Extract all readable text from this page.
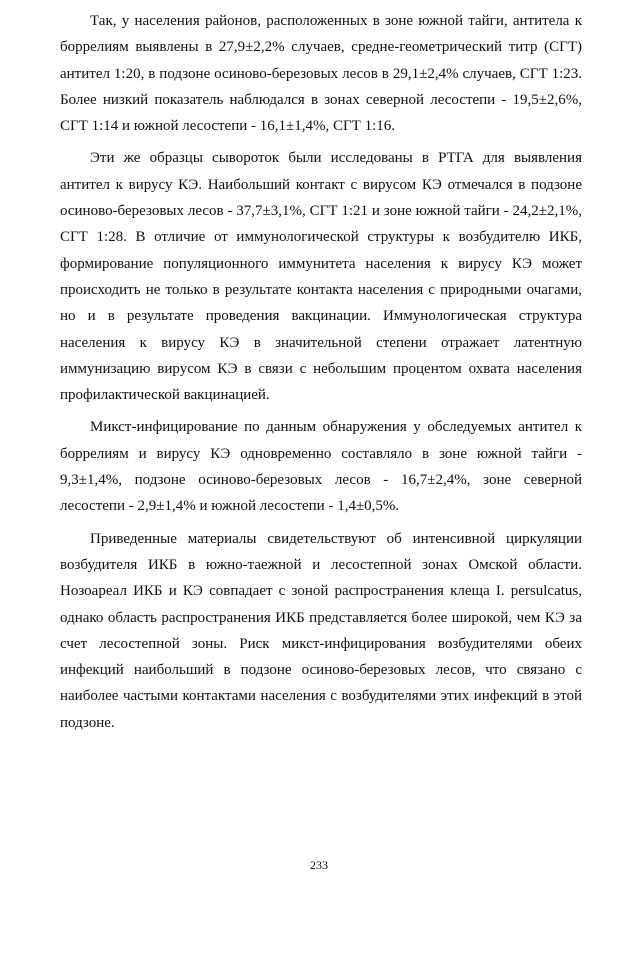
Так, у населения районов, расположенных в зоне южной тайги, антитела к боррелиям выявлены в 27,9±2,2% случаев, средне-геометрический титр (СГТ) антител 1:20, в подзоне осиново-березовых лесов в 29,1±2,4% случаев, СГТ 1:23. Более низкий показатель наблюдался в зонах северной лесостепи - 19,5±2,6%, СГТ 1:14 и южной лесостепи - 16,1±1,4%, СГТ 1:16.

Эти же образцы сывороток были исследованы в РТГА для выявления антител к вирусу КЭ. Наибольший контакт с вирусом КЭ отмечался в подзоне осиново-березовых лесов - 37,7±3,1%, СГТ 1:21 и зоне южной тайги - 24,2±2,1%, СГТ 1:28. В отличие от иммунологической структуры к возбудителю ИКБ, формирование популяционного иммунитета населения к вирусу КЭ может происходить не только в результате контакта населения с природными очагами, но и в результате проведения вакцинации. Иммунологическая структура населения к вирусу КЭ в значительной степени отражает латентную иммунизацию вирусом КЭ в связи с небольшим процентом охвата населения профилактической вакцинацией.

Микст-инфицирование по данным обнаружения у обследуемых антител к боррелиям и вирусу КЭ одновременно составляло в зоне южной тайги - 9,3±1,4%, подзоне осиново-березовых лесов - 16,7±2,4%, зоне северной лесостепи - 2,9±1,4% и южной лесостепи - 1,4±0,5%.

Приведенные материалы свидетельствуют об интенсивной циркуляции возбудителя ИКБ в южно-таежной и лесостепной зонах Омской области. Нозоареал ИКБ и КЭ совпадает с зоной распространения клеща I. persulcatus, однако область распространения ИКБ представляется более широкой, чем КЭ за счет лесостепной зоны. Риск микст-инфицирования возбудителями обеих инфекций наибольший в подзоне осиново-березовых лесов, что связано с наиболее частыми контактами населения с возбудителями этих инфекций в этой подзоне.

233
